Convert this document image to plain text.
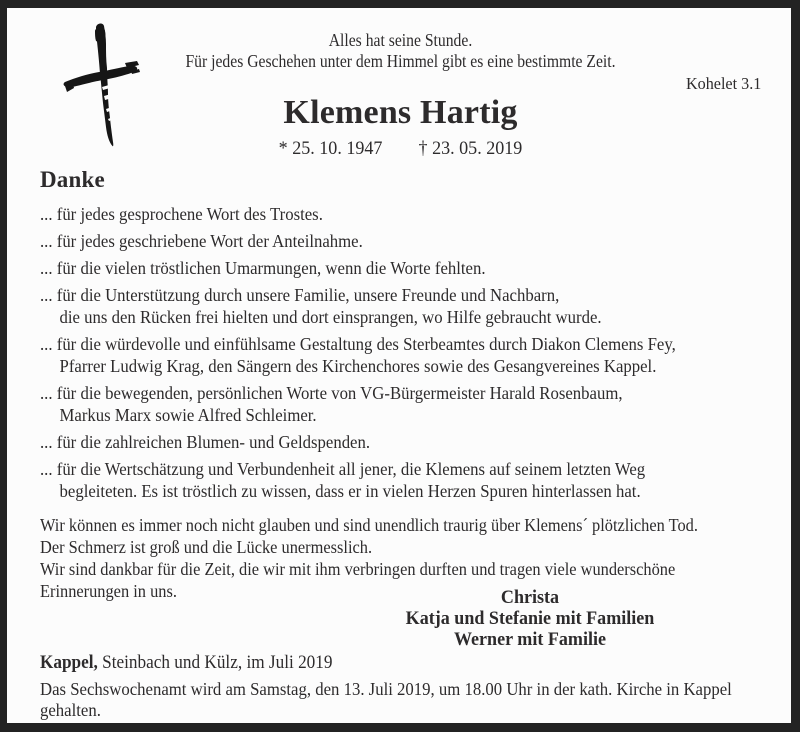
Alles hat seine Stunde.
Für jedes Geschehen unter dem Himmel gibt es eine bestimmte Zeit.
Kohelet 3.1
Klemens Hartig
* 25. 10. 1947 † 23. 05. 2019
Danke
... für jedes gesprochene Wort des Trostes.
... für jedes geschriebene Wort der Anteilnahme.
... für die vielen tröstlichen Umarmungen, wenn die Worte fehlten.
... für die Unterstützung durch unsere Familie, unsere Freunde und Nachbarn,
die uns den Rücken frei hielten und dort einsprangen, wo Hilfe gebraucht wurde.
... für die würdevolle und einfühlsame Gestaltung des Sterbeamtes durch Diakon Clemens Fey,
Pfarrer Ludwig Krag, den Sängern des Kirchenchores sowie des Gesangvereines Kappel.
... für die bewegenden, persönlichen Worte von VG-Bürgermeister Harald Rosenbaum,
Markus Marx sowie Alfred Schleimer.
... für die zahlreichen Blumen- und Geldspenden.
... für die Wertschätzung und Verbundenheit all jener, die Klemens auf seinem letzten Weg
begleiteten. Es ist tröstlich zu wissen, dass er in vielen Herzen Spuren hinterlassen hat.
Wir können es immer noch nicht glauben und sind unendlich traurig über Klemens´ plötzlichen Tod.
Der Schmerz ist groß und die Lücke unermesslich.
Wir sind dankbar für die Zeit, die wir mit ihm verbringen durften und tragen viele wunderschöne
Erinnerungen in uns.	Christa
Katja und Stefanie mit Familien
Werner mit Familie
Kappel, Steinbach und Külz, im Juli 2019
Das Sechswochenamt wird am Samstag, den 13. Juli 2019, um 18.00 Uhr in der kath. Kirche in Kappel
gehalten.
